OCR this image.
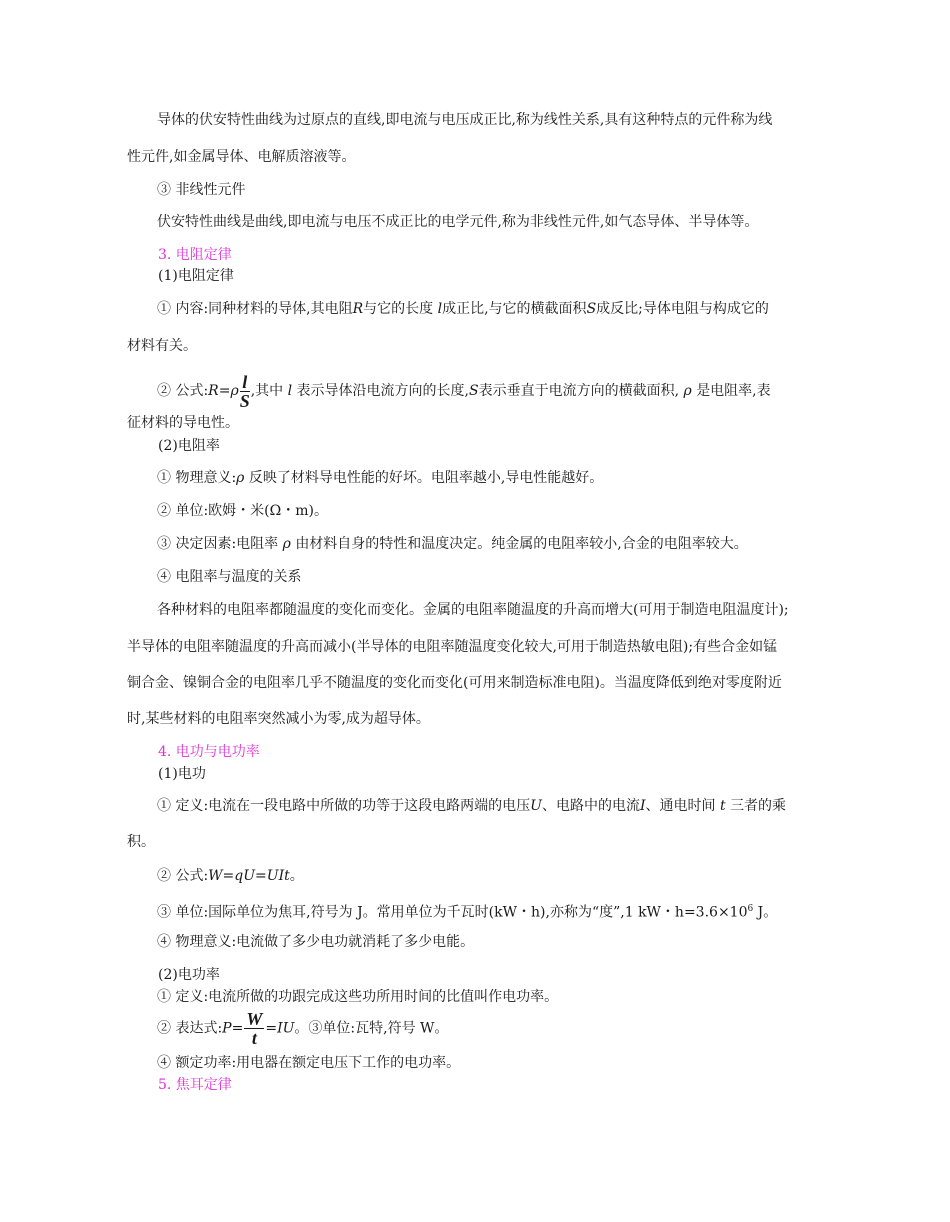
导体的伏安特性曲线为过原点的直线,即电流与电压成正比,称为线性关系,具有这种特点的元件称为线
性元件,如金属导体、电解质溶液等。
③ 非线性元件
伏安特性曲线是曲线,即电流与电压不成正比的电学元件,称为非线性元件,如气态导体、半导体等。
3. 电阻定律
(1)电阻定律
① 内容:同种材料的导体,其电阻R与它的长度 l成正比,与它的横截面积S成反比;导体电阻与构成它的
材料有关。
② 公式:R=ρ $\frac{l}{S}$ ,其中 l 表示导体沿电流方向的长度,S表示垂直于电流方向的横截面积, ρ 是电阻率,表
征材料的导电性。
(2)电阻率
① 物理意义:ρ 反映了材料导电性能的好坏。电阻率越小,导电性能越好。
② 单位:欧姆・米(Ω・m)。
③ 决定因素:电阻率 ρ 由材料自身的特性和温度决定。纯金属的电阻率较小,合金的电阻率较大。
④ 电阻率与温度的关系
各种材料的电阻率都随温度的变化而变化。金属的电阻率随温度的升高而增大(可用于制造电阻温度计);
半导体的电阻率随温度的升高而减小(半导体的电阻率随温度变化较大,可用于制造热敏电阻);有些合金如锰
铜合金、镍铜合金的电阻率几乎不随温度的变化而变化(可用来制造标准电阻)。当温度降低到绝对零度附近
时,某些材料的电阻率突然减小为零,成为超导体。
4. 电功与电功率
(1)电功
① 定义:电流在一段电路中所做的功等于这段电路两端的电压U、电路中的电流I、通电时间 t 三者的乘
积。
② 公式:W=qU=UIt。
③ 单位:国际单位为焦耳,符号为 J。常用单位为千瓦时(kW・h),亦称为“度”,1 kW・$h=3.6\times 10^6$ J。
④ 物理意义:电流做了多少电功就消耗了多少电能。
(2)电功率
① 定义:电流所做的功跟完成这些功所用时间的比值叫作电功率。
② 表达式:P= $\frac{W}{t} =IU$。③单位:瓦特,符号 W。
④ 额定功率:用电器在额定电压下工作的电功率。
5. 焦耳定律
